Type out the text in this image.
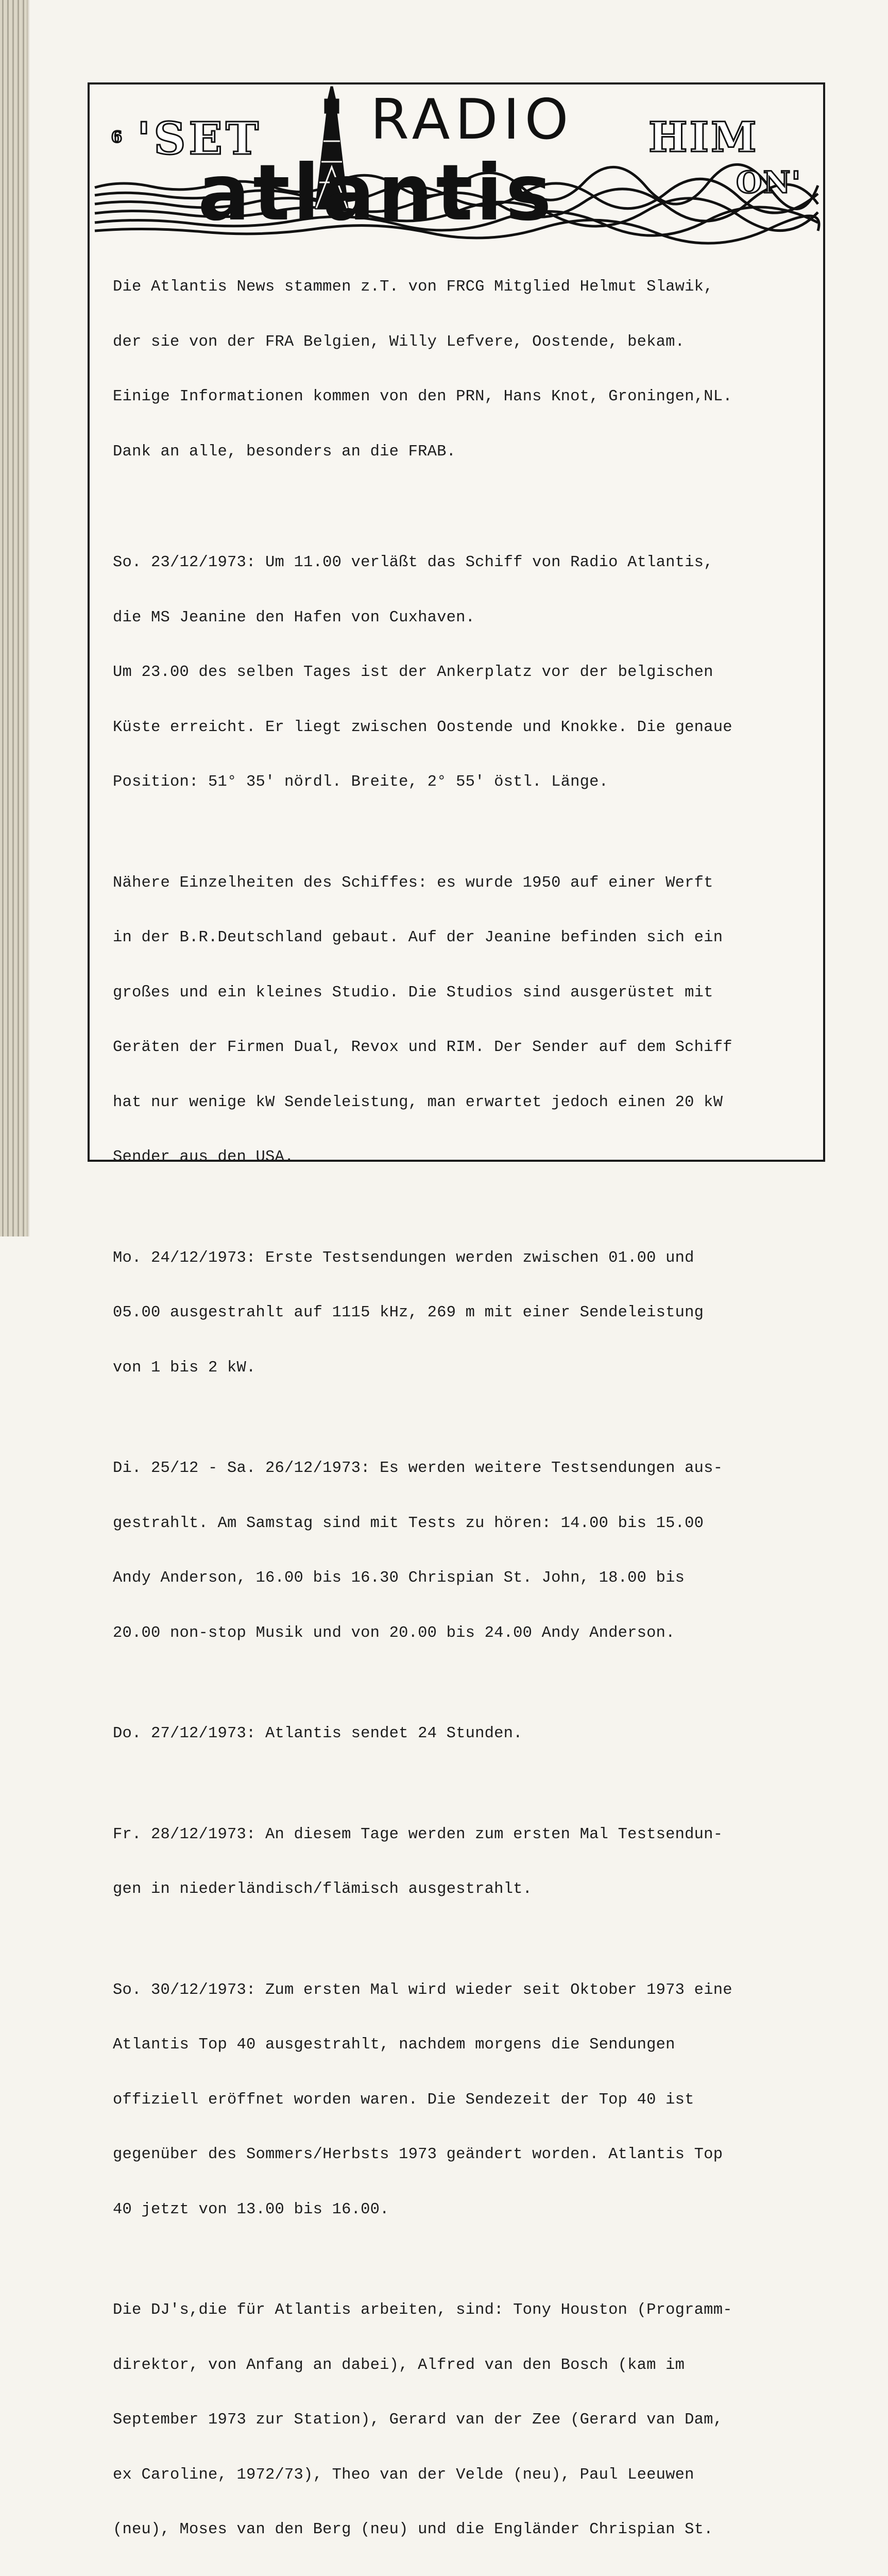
6 'SET	HIM
ON'
RADIO
atlantis

Die Atlantis News stammen z.T. von FRCG Mitglied Helmut Slawik,

der sie von der FRA Belgien, Willy Lefvere, Oostende, bekam.

Einige Informationen kommen von den PRN, Hans Knot, Groningen,NL.

Dank an alle, besonders an die FRAB.

So. 23/12/1973: Um 11.00 verläßt das Schiff von Radio Atlantis,

die MS Jeanine den Hafen von Cuxhaven.

Um 23.00 des selben Tages ist der Ankerplatz vor der belgischen

Küste erreicht. Er liegt zwischen Oostende und Knokke. Die genaue

Position: 51° 35' nördl. Breite, 2° 55' östl. Länge.

Nähere Einzelheiten des Schiffes: es wurde 1950 auf einer Werft

in der B.R.Deutschland gebaut. Auf der Jeanine befinden sich ein

großes und ein kleines Studio. Die Studios sind ausgerüstet mit

Geräten der Firmen Dual, Revox und RIM. Der Sender auf dem Schiff

hat nur wenige kW Sendeleistung, man erwartet jedoch einen 20 kW

Sender aus den USA.

Mo. 24/12/1973: Erste Testsendungen werden zwischen 01.00 und

05.00 ausgestrahlt auf 1115 kHz, 269 m mit einer Sendeleistung

von 1 bis 2 kW.

Di. 25/12 - Sa. 26/12/1973: Es werden weitere Testsendungen aus-

gestrahlt. Am Samstag sind mit Tests zu hören: 14.00 bis 15.00

Andy Anderson, 16.00 bis 16.30 Chrispian St. John, 18.00 bis

20.00 non-stop Musik und von 20.00 bis 24.00 Andy Anderson.

Do. 27/12/1973: Atlantis sendet 24 Stunden.

Fr. 28/12/1973: An diesem Tage werden zum ersten Mal Testsendun-

gen in niederländisch/flämisch ausgestrahlt.

So. 30/12/1973: Zum ersten Mal wird wieder seit Oktober 1973 eine

Atlantis Top 40 ausgestrahlt, nachdem morgens die Sendungen

offiziell eröffnet worden waren. Die Sendezeit der Top 40 ist

gegenüber des Sommers/Herbsts 1973 geändert worden. Atlantis Top

40 jetzt von 13.00 bis 16.00.

Die DJ's,die für Atlantis arbeiten, sind: Tony Houston (Programm-

direktor, von Anfang an dabei), Alfred van den Bosch (kam im

September 1973 zur Station), Gerard van der Zee (Gerard van Dam,

ex Caroline, 1972/73), Theo van der Velde (neu), Paul Leeuwen

(neu), Moses van den Berg (neu) und die Engländer Chrispian St.
